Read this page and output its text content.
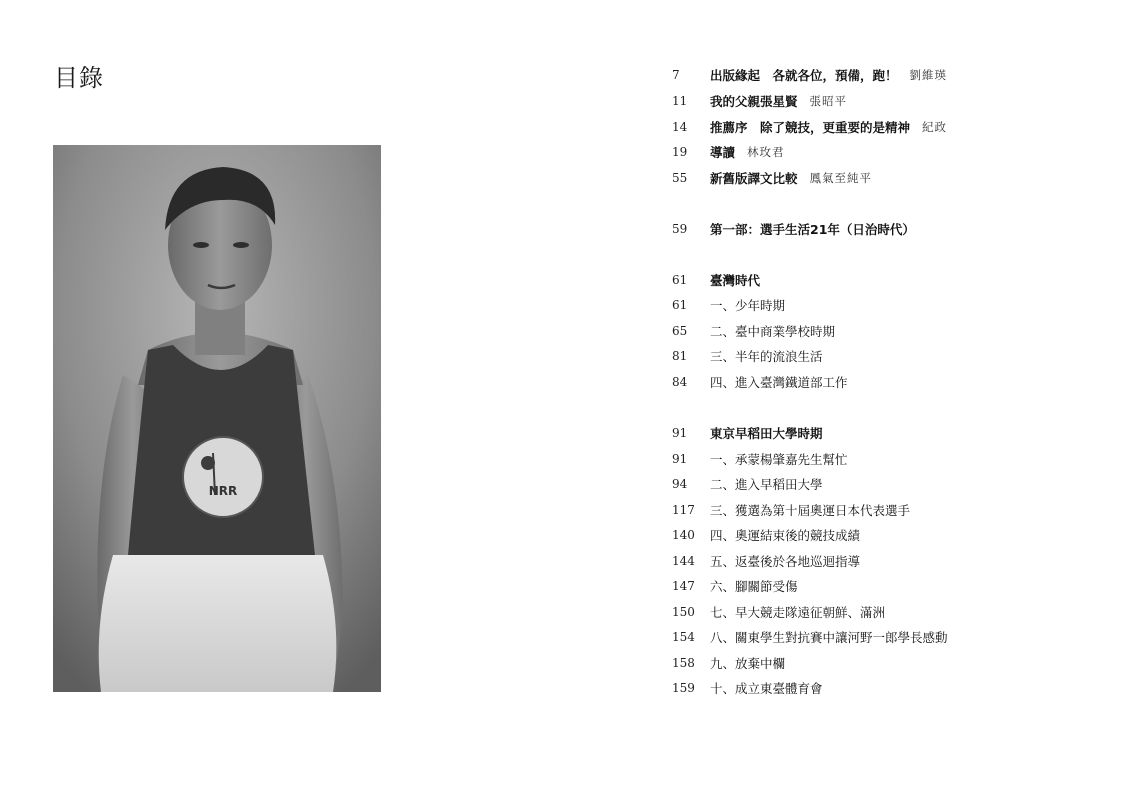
目錄
NRR
7	出版緣起　各就各位，預備，跑！ 劉維瑛
11	我的父親張星賢 張昭平
14	推薦序　除了競技，更重要的是精神 紀政
19	導讀 林玫君
55	新舊版譯文比較 鳳氣至純平
59	第一部：選手生活21年（日治時代）
61	臺灣時代
61	一、少年時期
65	二、臺中商業學校時期
81	三、半年的流浪生活
84	四、進入臺灣鐵道部工作
91	東京早稻田大學時期
91	一、承蒙楊肇嘉先生幫忙
94	二、進入早稻田大學
117	三、獲選為第十屆奧運日本代表選手
140	四、奧運結束後的競技成績
144	五、返臺後於各地巡迴指導
147	六、腳關節受傷
150	七、早大競走隊遠征朝鮮、滿洲
154	八、關東學生對抗賽中讓河野一郎學長感動
158	九、放棄中欄
159	十、成立東臺體育會
